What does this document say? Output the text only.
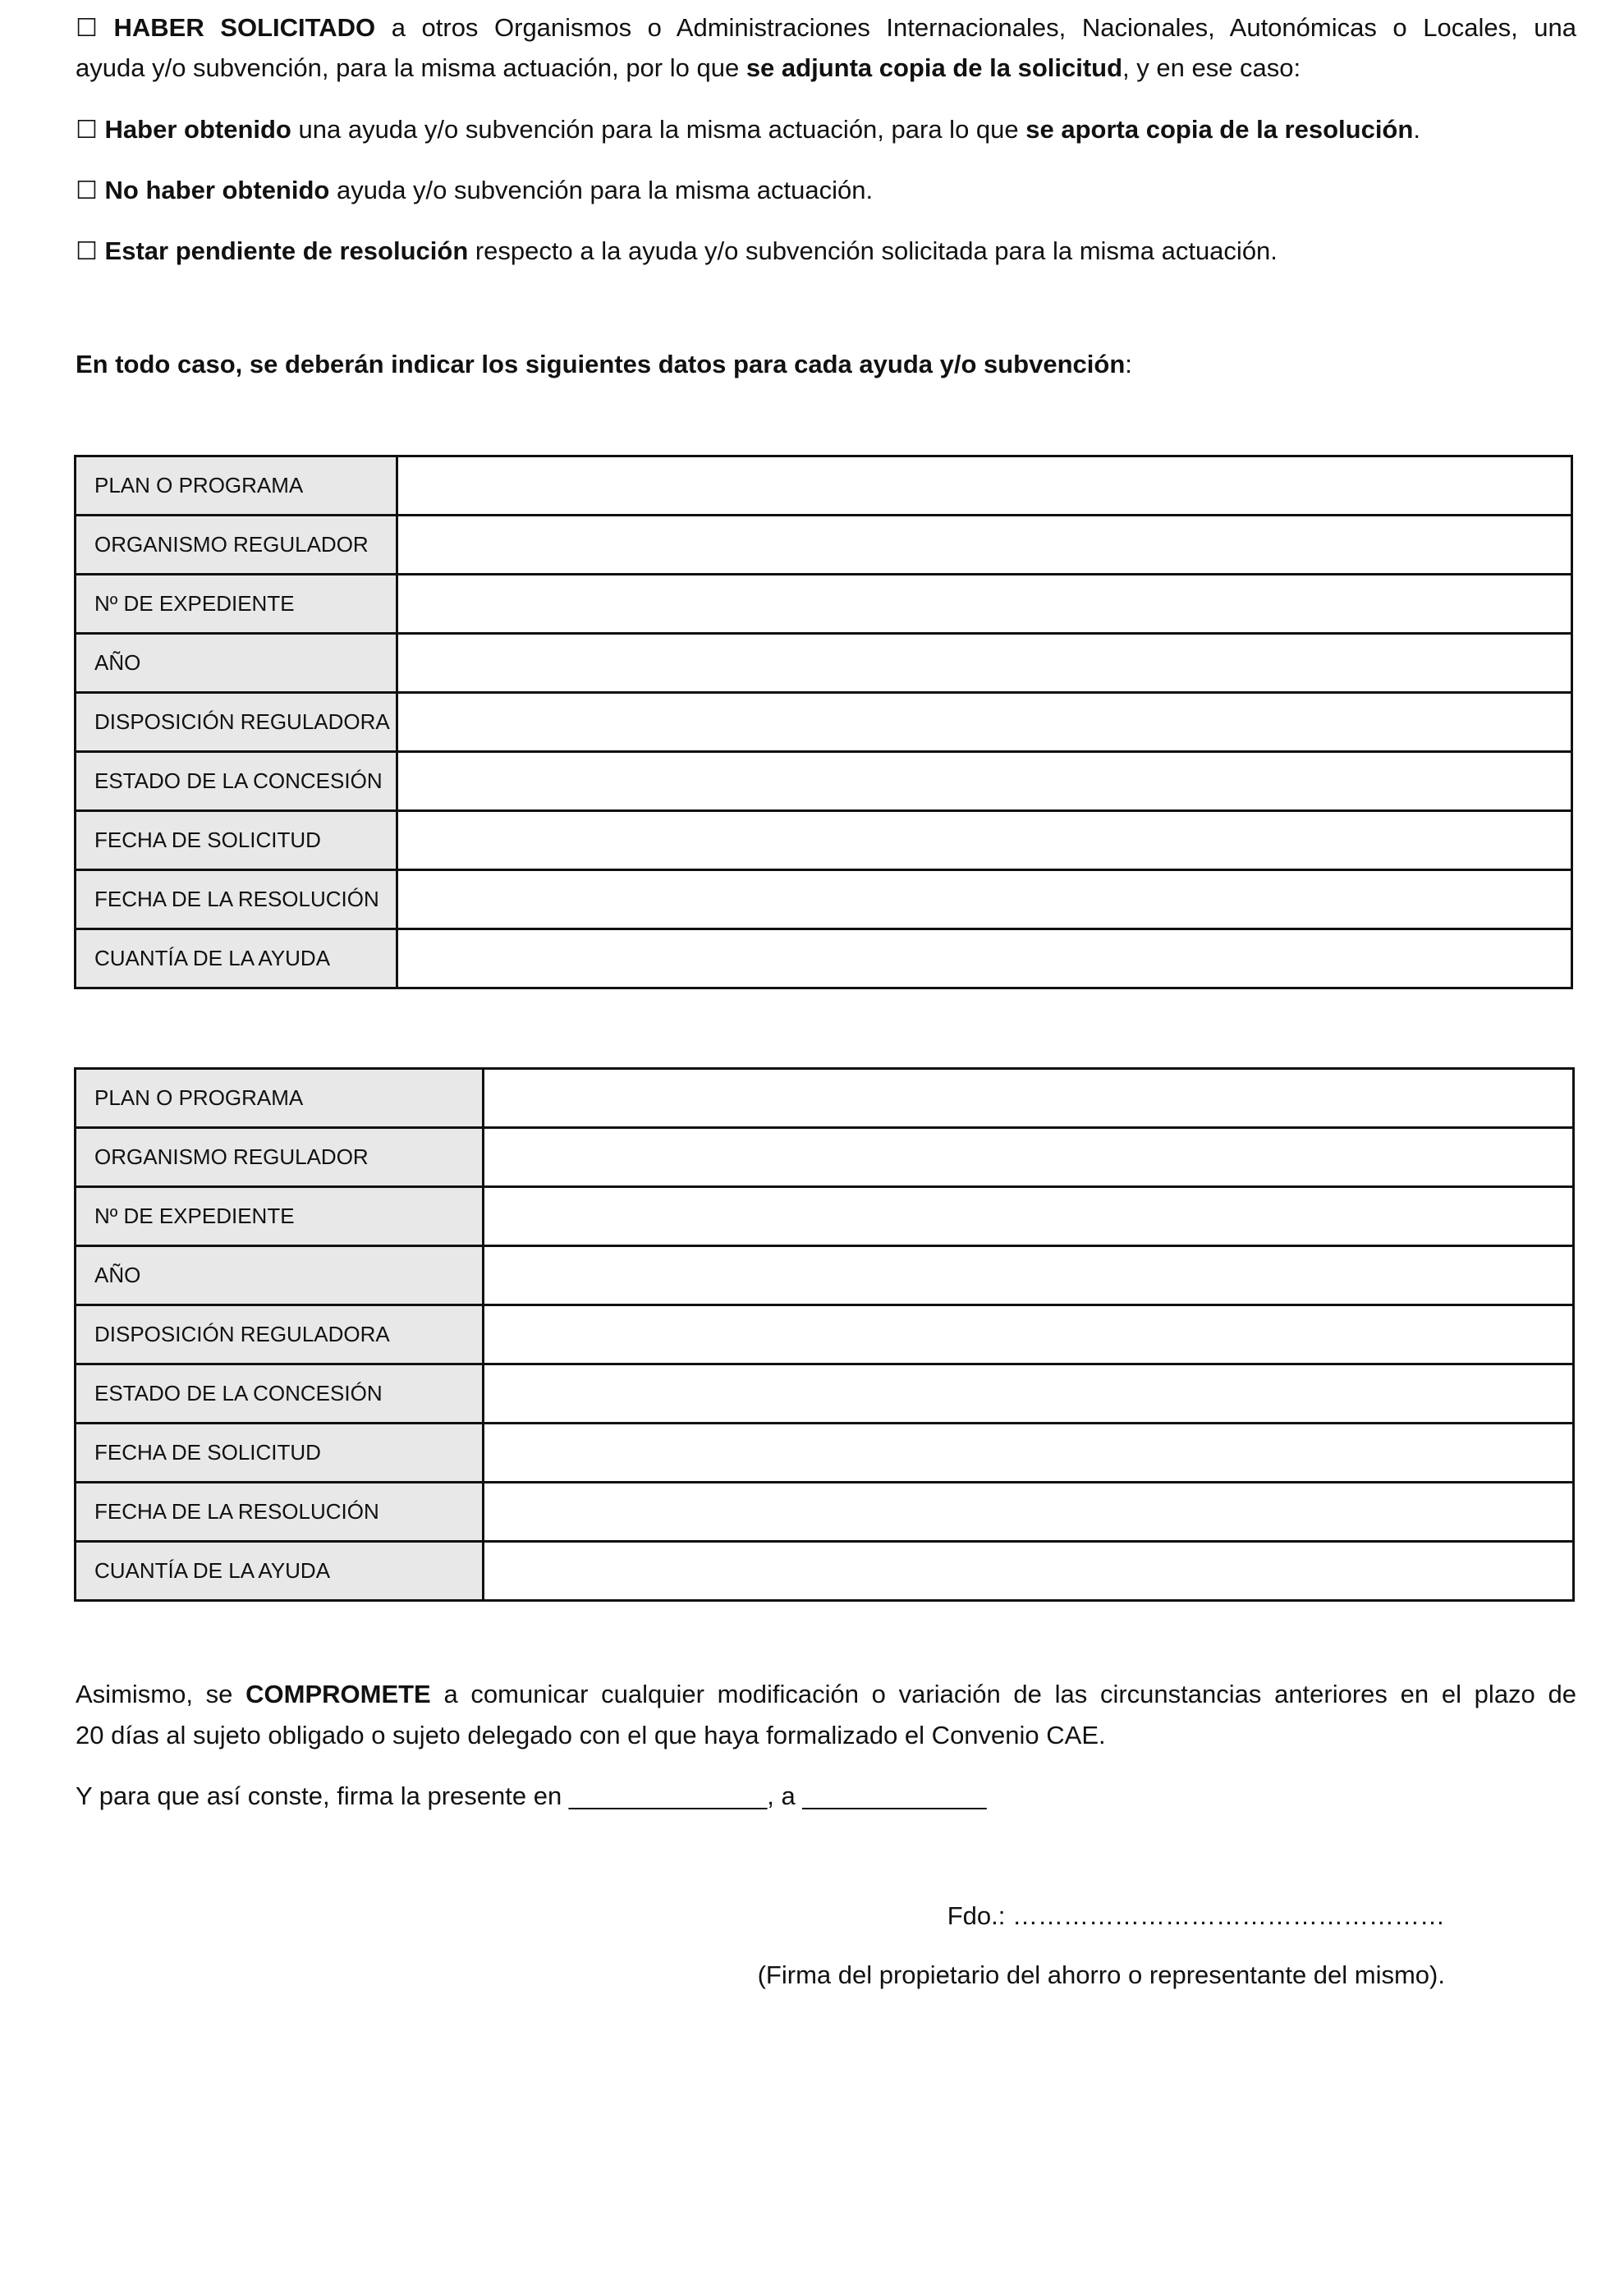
☐ HABER SOLICITADO a otros Organismos o Administraciones Internacionales, Nacionales, Autonómicas o Locales, una
ayuda y/o subvención, para la misma actuación, por lo que se adjunta copia de la solicitud, y en ese caso:
☐ Haber obtenido una ayuda y/o subvención para la misma actuación, para lo que se aporta copia de la resolución.
☐ No haber obtenido ayuda y/o subvención para la misma actuación.
☐ Estar pendiente de resolución respecto a la ayuda y/o subvención solicitada para la misma actuación.
En todo caso, se deberán indicar los siguientes datos para cada ayuda y/o subvención:
PLAN O PROGRAMA	
ORGANISMO REGULADOR	
Nº DE EXPEDIENTE	
AÑO	
DISPOSICIÓN REGULADORA	
ESTADO DE LA CONCESIÓN	
FECHA DE SOLICITUD	
FECHA DE LA RESOLUCIÓN	
CUANTÍA DE LA AYUDA	
PLAN O PROGRAMA	
ORGANISMO REGULADOR	
Nº DE EXPEDIENTE	
AÑO	
DISPOSICIÓN REGULADORA	
ESTADO DE LA CONCESIÓN	
FECHA DE SOLICITUD	
FECHA DE LA RESOLUCIÓN	
CUANTÍA DE LA AYUDA	
Asimismo, se COMPROMETE a comunicar cualquier modificación o variación de las circunstancias anteriores en el plazo de
20 días al sujeto obligado o sujeto delegado con el que haya formalizado el Convenio CAE.
Y para que así conste, firma la presente en ______________, a _____________
Fdo.: ……………………………………………
(Firma del propietario del ahorro o representante del mismo).
